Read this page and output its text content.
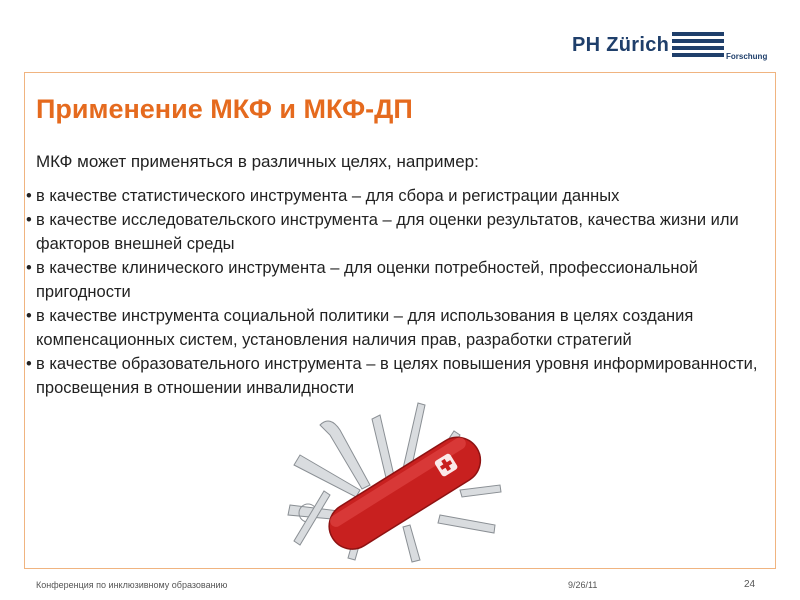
PH Zürich
Forschung
Применение МКФ и МКФ-ДП
МКФ может применяться в различных целях, например:
• в качестве статистического инструмента – для сбора и регистрации данных
• в качестве исследовательского инструмента – для оценки результатов, качества жизни или факторов внешней среды
• в качестве клинического инструмента – для оценки потребностей, профессиональной пригодности
• в качестве инструмента социальной политики – для использования в целях создания компенсационных систем, установления наличия прав, разработки стратегий
• в качестве образовательного инструмента – в целях повышения уровня информированности, просвещения в отношении инвалидности
Конференция по инклюзивному образованию	9/26/11	24
